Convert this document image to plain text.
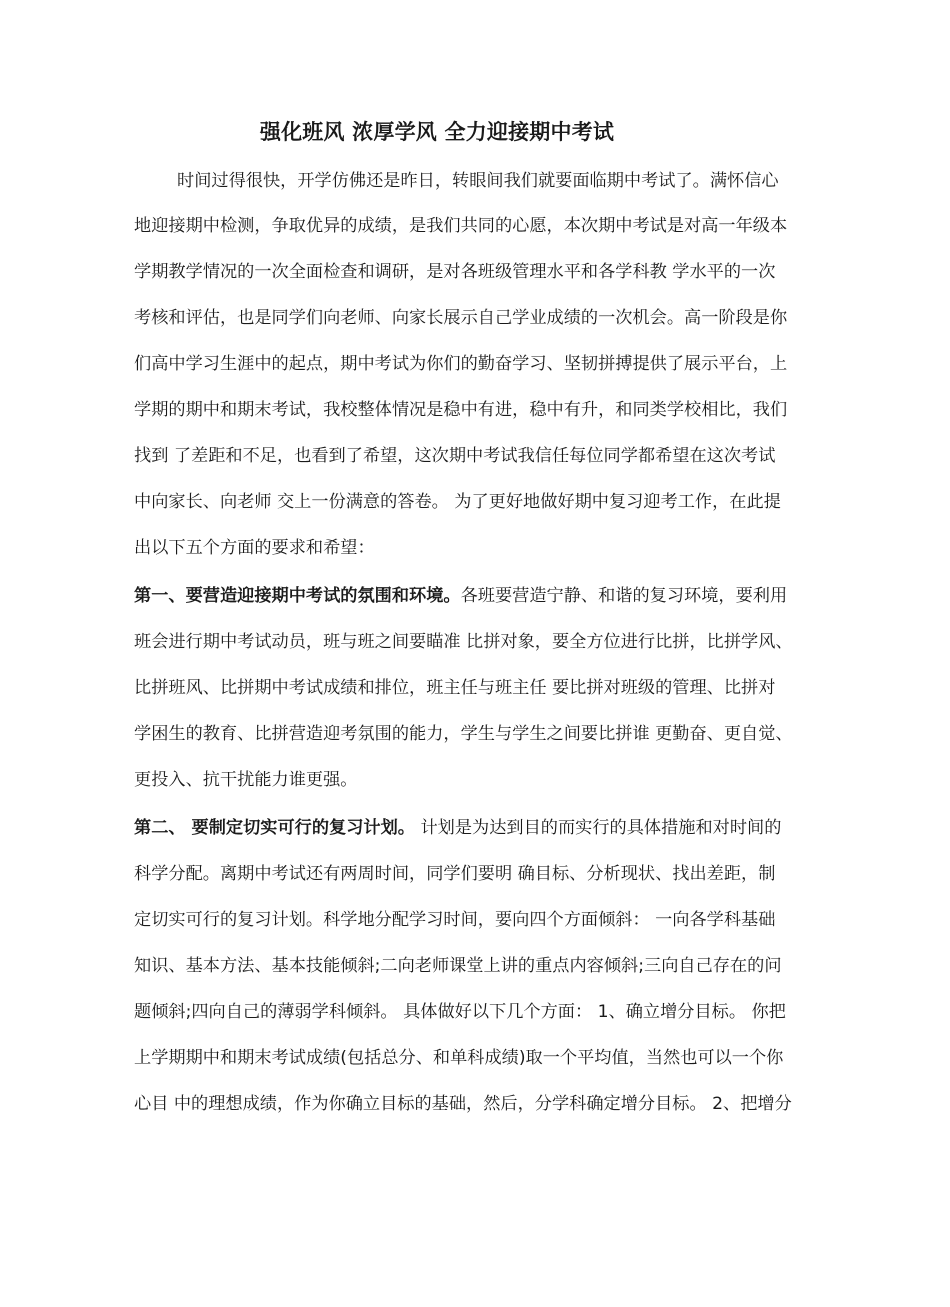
强化班风 浓厚学风 全力迎接期中考试
时间过得很快，开学仿佛还是昨日，转眼间我们就要面临期中考试了。满怀信心
地迎接期中检测，争取优异的成绩，是我们共同的心愿，本次期中考试是对高一年级本
学期教学情况的一次全面检查和调研，是对各班级管理水平和各学科教 学水平的一次
考核和评估，也是同学们向老师、向家长展示自己学业成绩的一次机会。高一阶段是你
们高中学习生涯中的起点，期中考试为你们的勤奋学习、坚韧拼搏提供了展示平台，上
学期的期中和期末考试，我校整体情况是稳中有进，稳中有升，和同类学校相比，我们
找到 了差距和不足，也看到了希望，这次期中考试我信任每位同学都希望在这次考试
中向家长、向老师 交上一份满意的答卷。 为了更好地做好期中复习迎考工作，在此提
出以下五个方面的要求和希望：
第一、要营造迎接期中考试的氛围和环境。各班要营造宁静、和谐的复习环境，要利用
班会进行期中考试动员，班与班之间要瞄准 比拼对象，要全方位进行比拼，比拼学风、
比拼班风、比拼期中考试成绩和排位，班主任与班主任 要比拼对班级的管理、比拼对
学困生的教育、比拼营造迎考氛围的能力，学生与学生之间要比拼谁 更勤奋、更自觉、
更投入、抗干扰能力谁更强。
第二、 要制定切实可行的复习计划。 计划是为达到目的而实行的具体措施和对时间的
科学分配。离期中考试还有两周时间，同学们要明 确目标、分析现状、找出差距，制
定切实可行的复习计划。科学地分配学习时间，要向四个方面倾斜： 一向各学科基础
知识、基本方法、基本技能倾斜;二向老师课堂上讲的重点内容倾斜;三向自己存在的问
题倾斜;四向自己的薄弱学科倾斜。 具体做好以下几个方面： 1、确立增分目标。 你把
上学期期中和期末考试成绩(包括总分、和单科成绩)取一个平均值，当然也可以一个你
心目 中的理想成绩，作为你确立目标的基础，然后，分学科确定增分目标。 2、把增分
